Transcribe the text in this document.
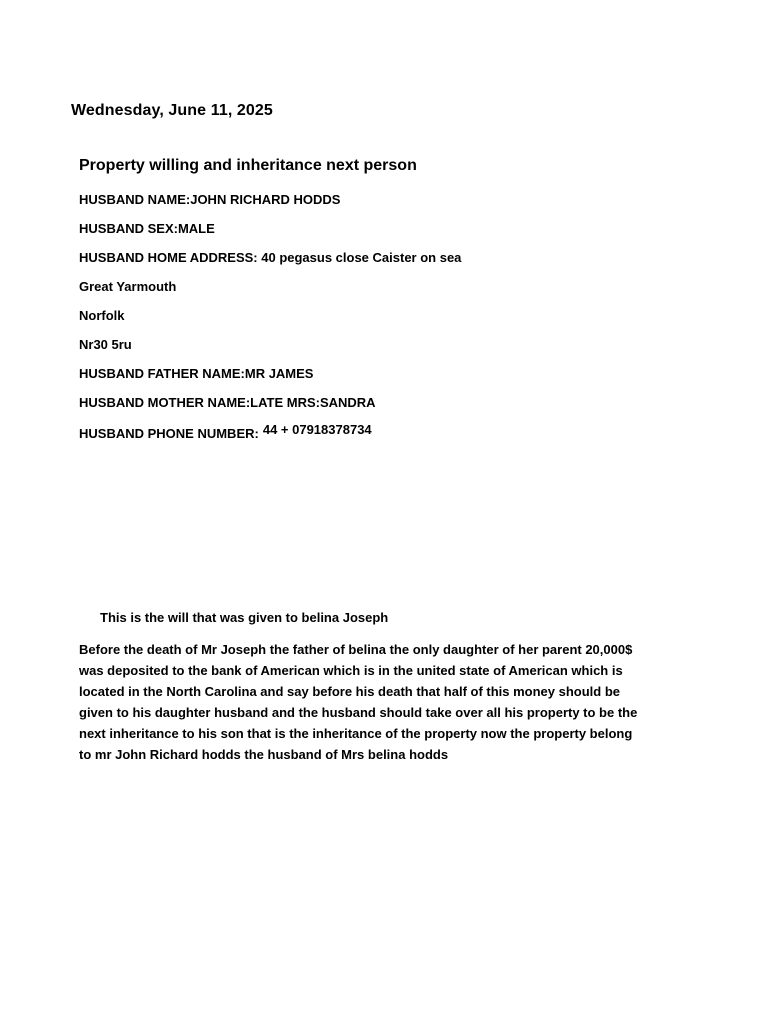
Wednesday, June 11, 2025
Property willing and inheritance next person
HUSBAND NAME:JOHN RICHARD HODDS
HUSBAND SEX:MALE
HUSBAND HOME ADDRESS: 40 pegasus close Caister on sea
Great Yarmouth
Norfolk
Nr30 5ru
HUSBAND FATHER NAME:MR JAMES
HUSBAND MOTHER NAME:LATE MRS:SANDRA
HUSBAND PHONE NUMBER: 44 + 07918378734
This is the will that was given to belina Joseph
Before the death of Mr Joseph the father of belina the only daughter of her parent 20,000$
was deposited to the bank of American which is in the united state of American which is
located in the North Carolina and say before his death that half of this money should be
given to his daughter husband and the husband should take over all his property to be the
next inheritance to his son that is the inheritance of the property now the property belong
to mr John Richard hodds the husband of Mrs belina hodds
